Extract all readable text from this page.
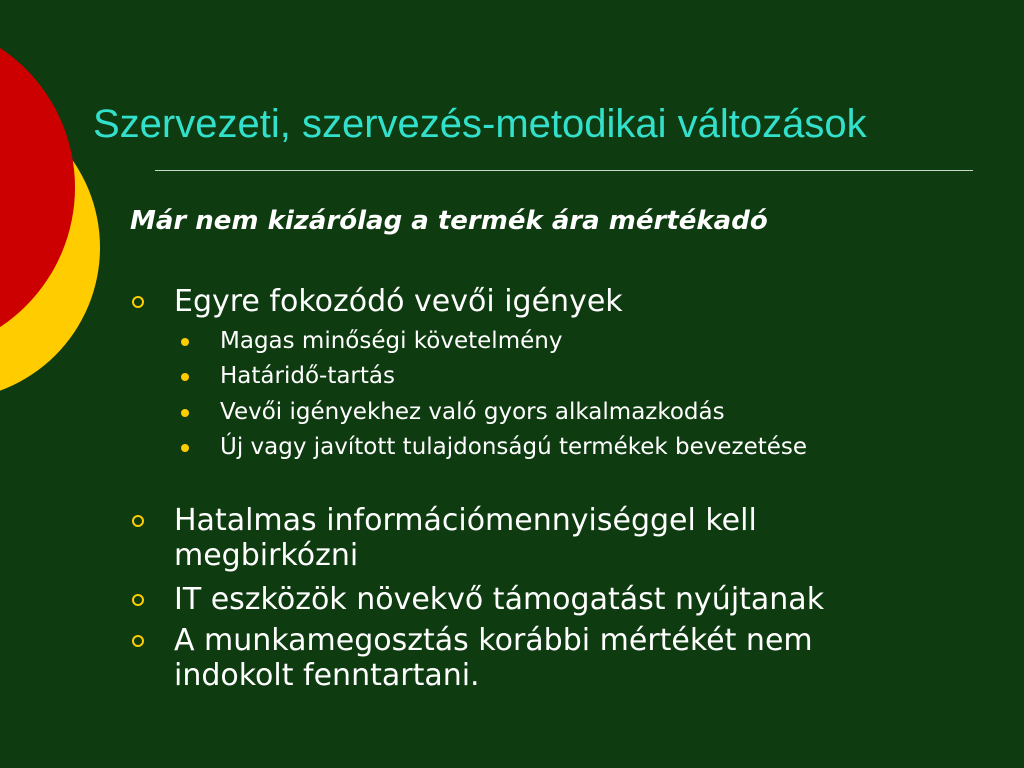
Szervezeti, szervezés-metodikai változások
Már nem kizárólag a termék ára mértékadó
Egyre fokozódó vevői igények
Magas minőségi követelmény
Határidő-tartás
Vevői igényekhez való gyors alkalmazkodás
Új vagy javított tulajdonságú termékek bevezetése
Hatalmas információmennyiséggel kell
megbirkózni
IT eszközök növekvő támogatást nyújtanak
A munkamegosztás korábbi mértékét nem
indokolt fenntartani.
